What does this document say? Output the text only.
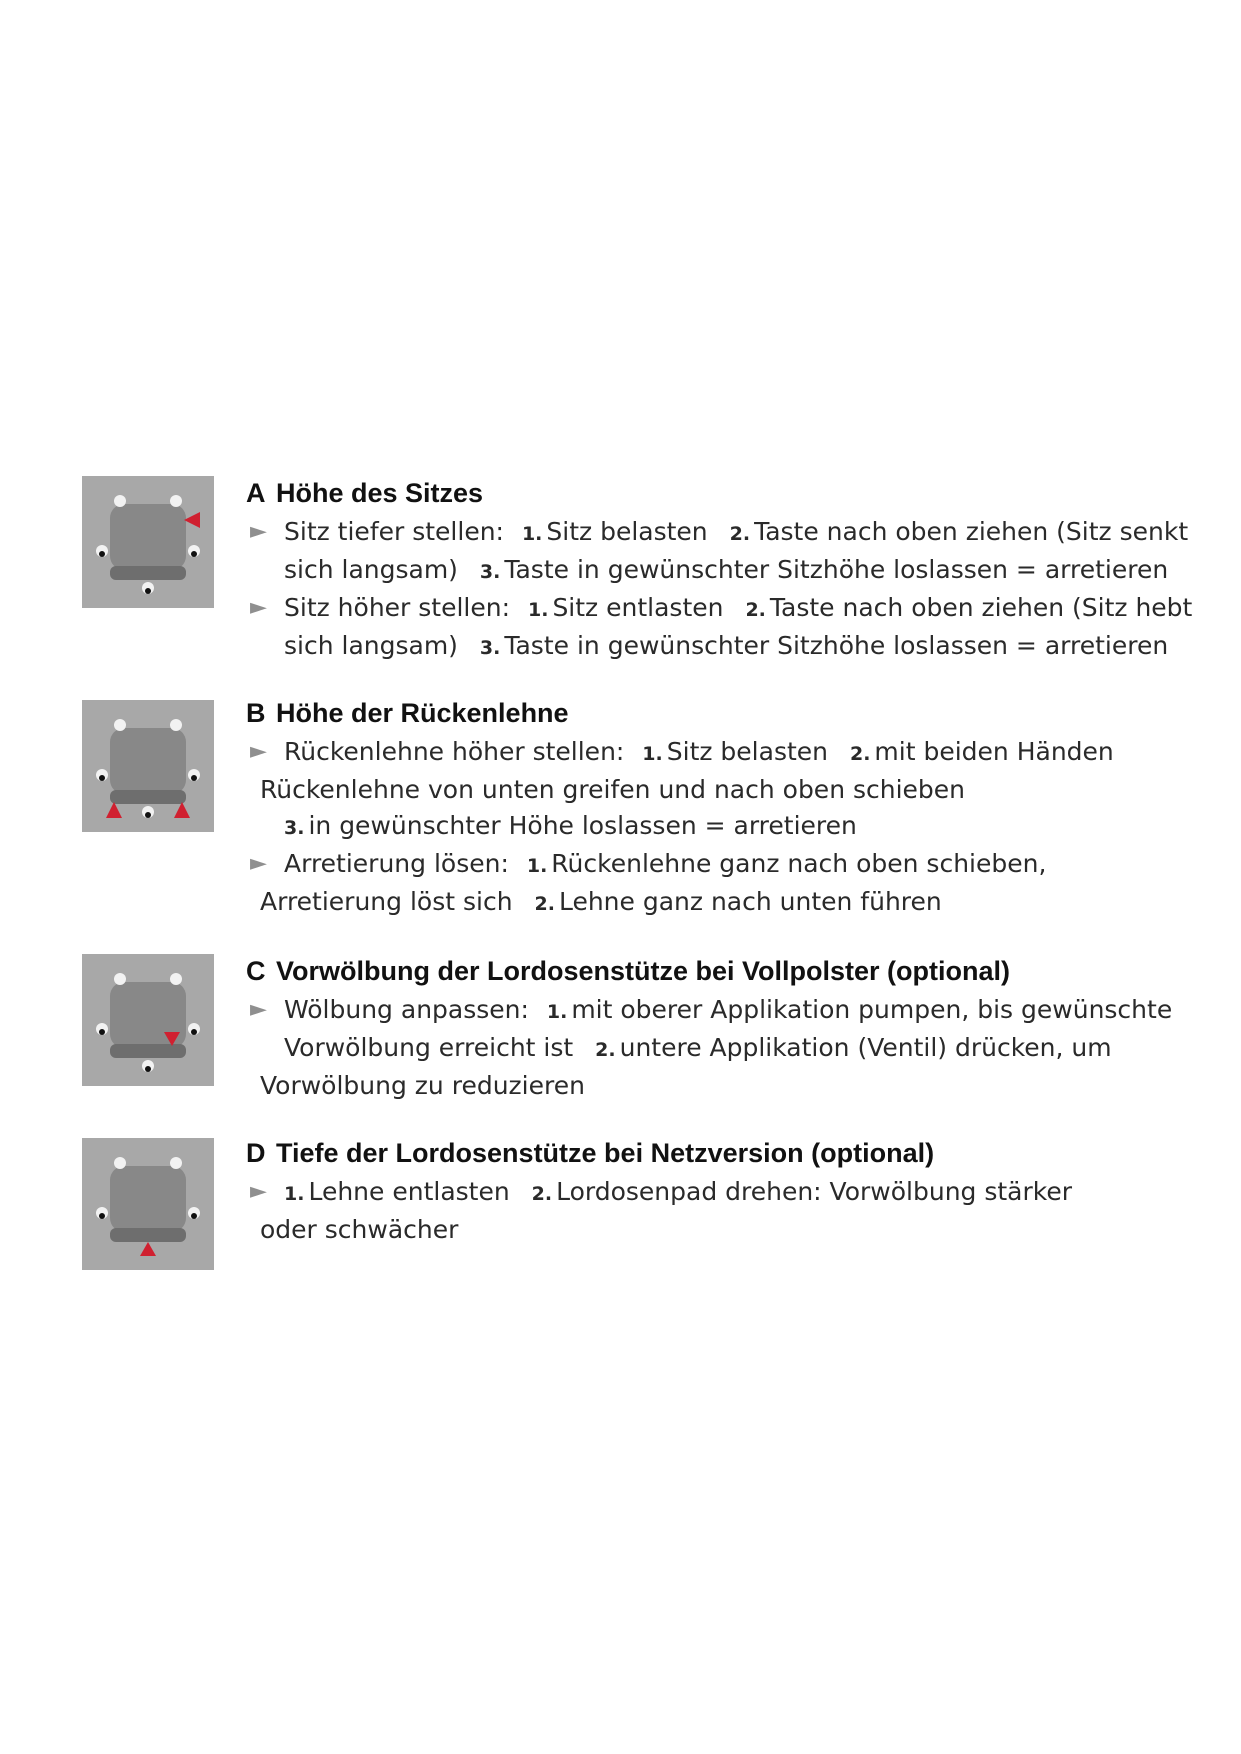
A Höhe des Sitzes
► Sitz tiefer stellen: 1. Sitz belasten 2. Taste nach oben ziehen (Sitz senkt
sich langsam) 3. Taste in gewünschter Sitzhöhe loslassen = arretieren
► Sitz höher stellen: 1. Sitz entlasten 2. Taste nach oben ziehen (Sitz hebt
sich langsam) 3. Taste in gewünschter Sitzhöhe loslassen = arretieren
B Höhe der Rückenlehne
► Rückenlehne höher stellen: 1. Sitz belasten 2. mit beiden Händen
Rückenlehne von unten greifen und nach oben schieben
3. in gewünschter Höhe loslassen = arretieren
► Arretierung lösen: 1. Rückenlehne ganz nach oben schieben,
Arretierung löst sich 2. Lehne ganz nach unten führen
C Vorwölbung der Lordosenstütze bei Vollpolster (optional)
► Wölbung anpassen: 1. mit oberer Applikation pumpen, bis gewünschte
Vorwölbung erreicht ist 2. untere Applikation (Ventil) drücken, um
Vorwölbung zu reduzieren
D Tiefe der Lordosenstütze bei Netzversion (optional)
► 1. Lehne entlasten 2. Lordosenpad drehen: Vorwölbung stärker
oder schwächer
